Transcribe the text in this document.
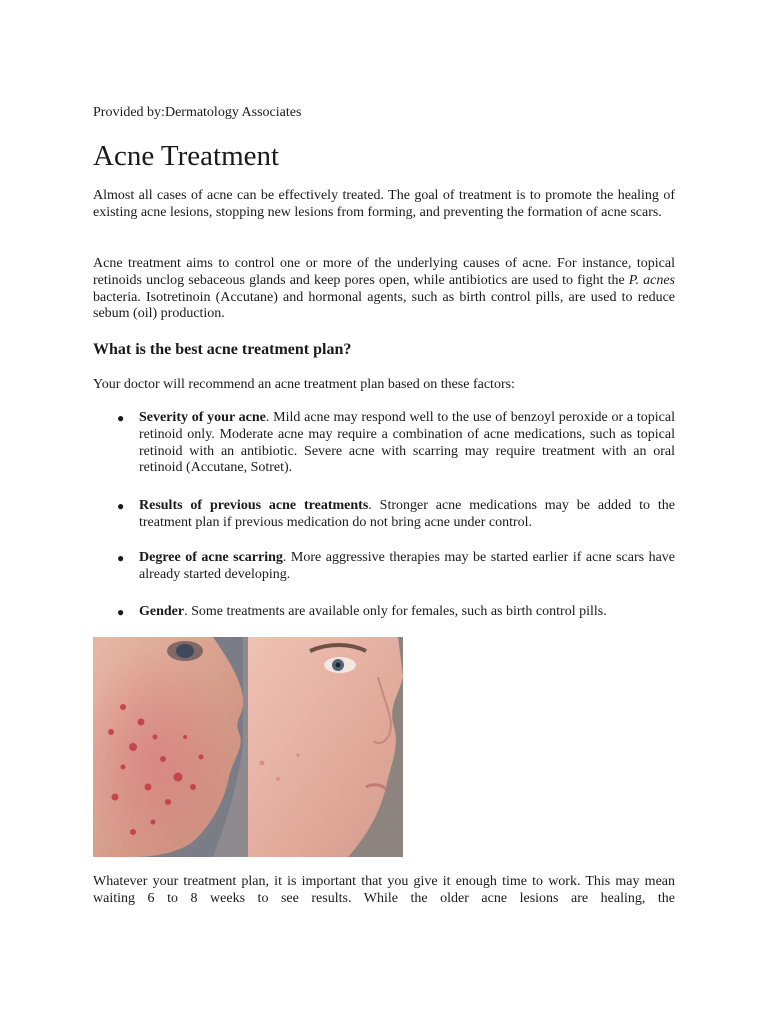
Provided by:Dermatology Associates
Acne Treatment

Almost all cases of acne can be effectively treated. The goal of treatment is to promote the healing of existing acne lesions, stopping new lesions from forming, and preventing the formation of acne scars.

Acne treatment aims to control one or more of the underlying causes of acne. For instance, topical retinoids unclog sebaceous glands and keep pores open, while antibiotics are used to fight the P. acnes bacteria. Isotretinoin (Accutane) and hormonal agents, such as birth control pills, are used to reduce sebum (oil) production.

What is the best acne treatment plan?

Your doctor will recommend an acne treatment plan based on these factors:

● Severity of your acne. Mild acne may respond well to the use of benzoyl peroxide or a topical retinoid only. Moderate acne may require a combination of acne medications, such as topical retinoid with an antibiotic. Severe acne with scarring may require treatment with an oral retinoid (Accutane, Sotret).

● Results of previous acne treatments. Stronger acne medications may be added to the treatment plan if previous medication do not bring acne under control.

● Degree of acne scarring. More aggressive therapies may be started earlier if acne scars have already started developing.

● Gender. Some treatments are available only for females, such as birth control pills.

Whatever your treatment plan, it is important that you give it enough time to work. This may mean waiting 6 to 8 weeks to see results. While the older acne lesions are healing, the
